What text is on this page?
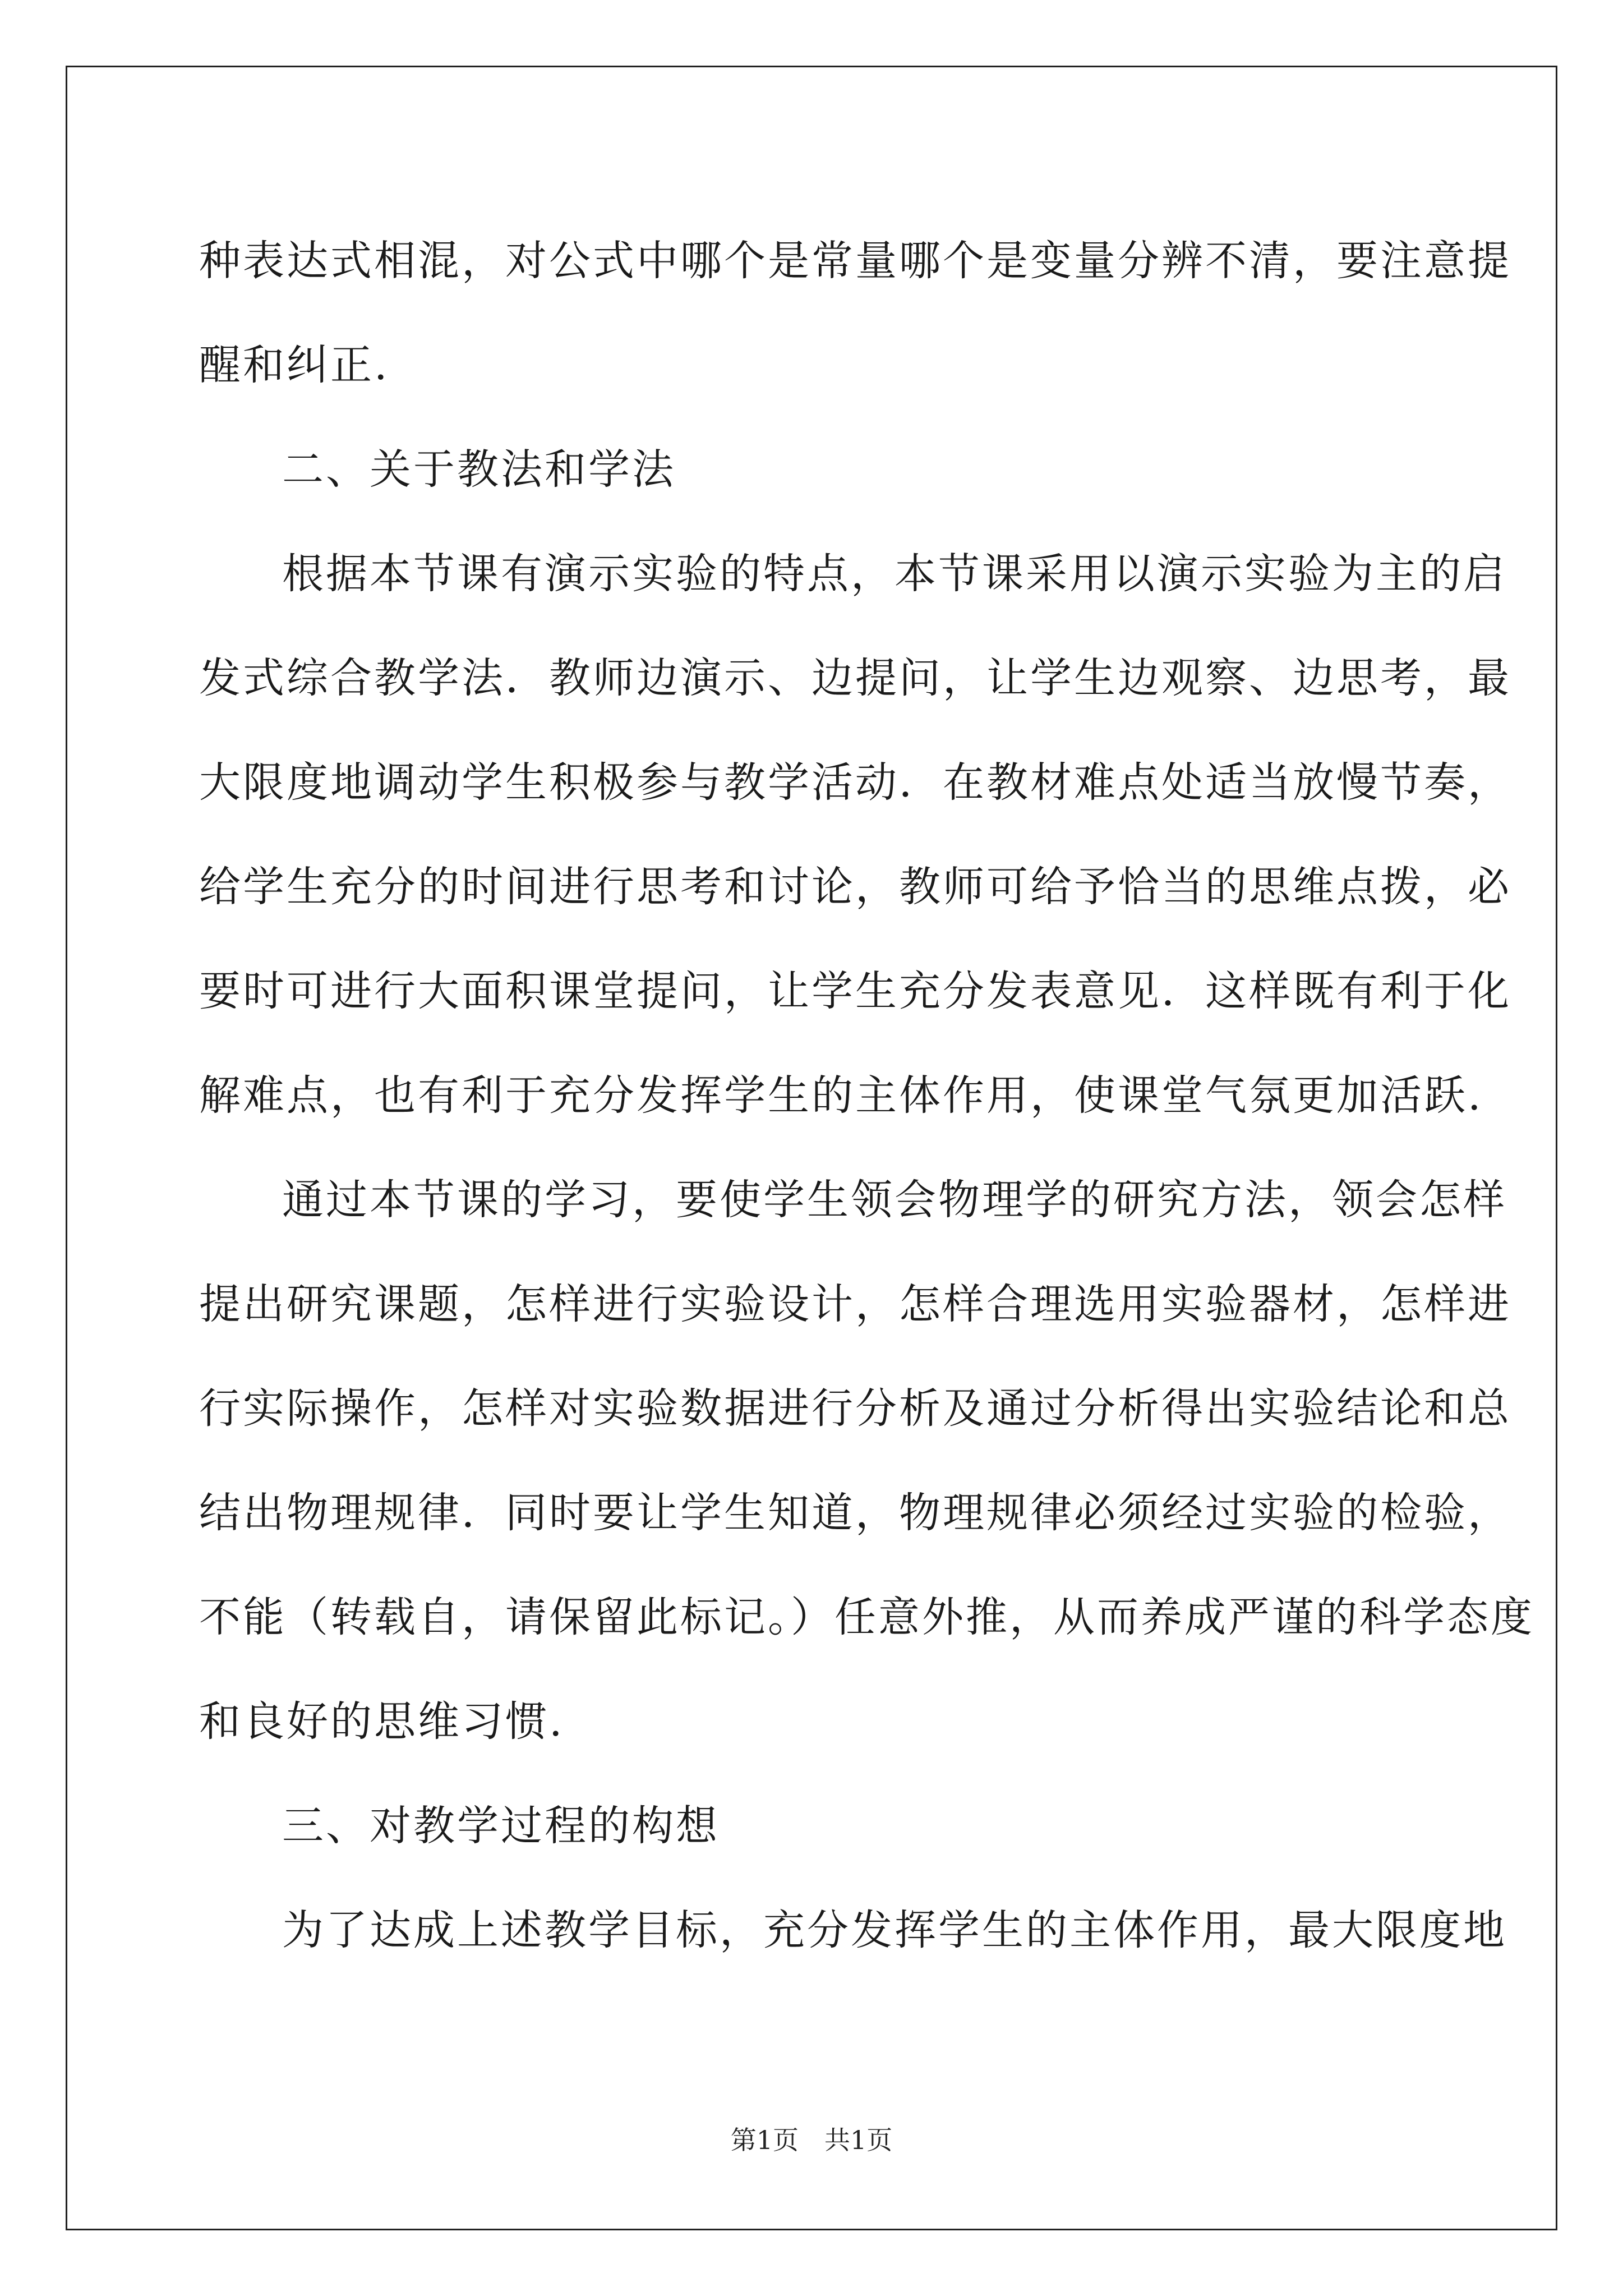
种表达式相混，对公式中哪个是常量哪个是变量分辨不清，要注意提
醒和纠正.
二、关于教法和学法
根据本节课有演示实验的特点，本节课采用以演示实验为主的启
发式综合教学法．教师边演示、边提问，让学生边观察、边思考，最
大限度地调动学生积极参与教学活动．在教材难点处适当放慢节奏，
给学生充分的时间进行思考和讨论，教师可给予恰当的思维点拨，必
要时可进行大面积课堂提问，让学生充分发表意见．这样既有利于化
解难点，也有利于充分发挥学生的主体作用，使课堂气氛更加活跃.
通过本节课的学习，要使学生领会物理学的研究方法，领会怎样
提出研究课题，怎样进行实验设计，怎样合理选用实验器材，怎样进
行实际操作，怎样对实验数据进行分析及通过分析得出实验结论和总
结出物理规律．同时要让学生知道，物理规律必须经过实验的检验，
不能（转载自，请保留此标记。）任意外推，从而养成严谨的科学态度
和良好的思维习惯.
三、对教学过程的构想
为了达成上述教学目标，充分发挥学生的主体作用，最大限度地
第1页　共1页
